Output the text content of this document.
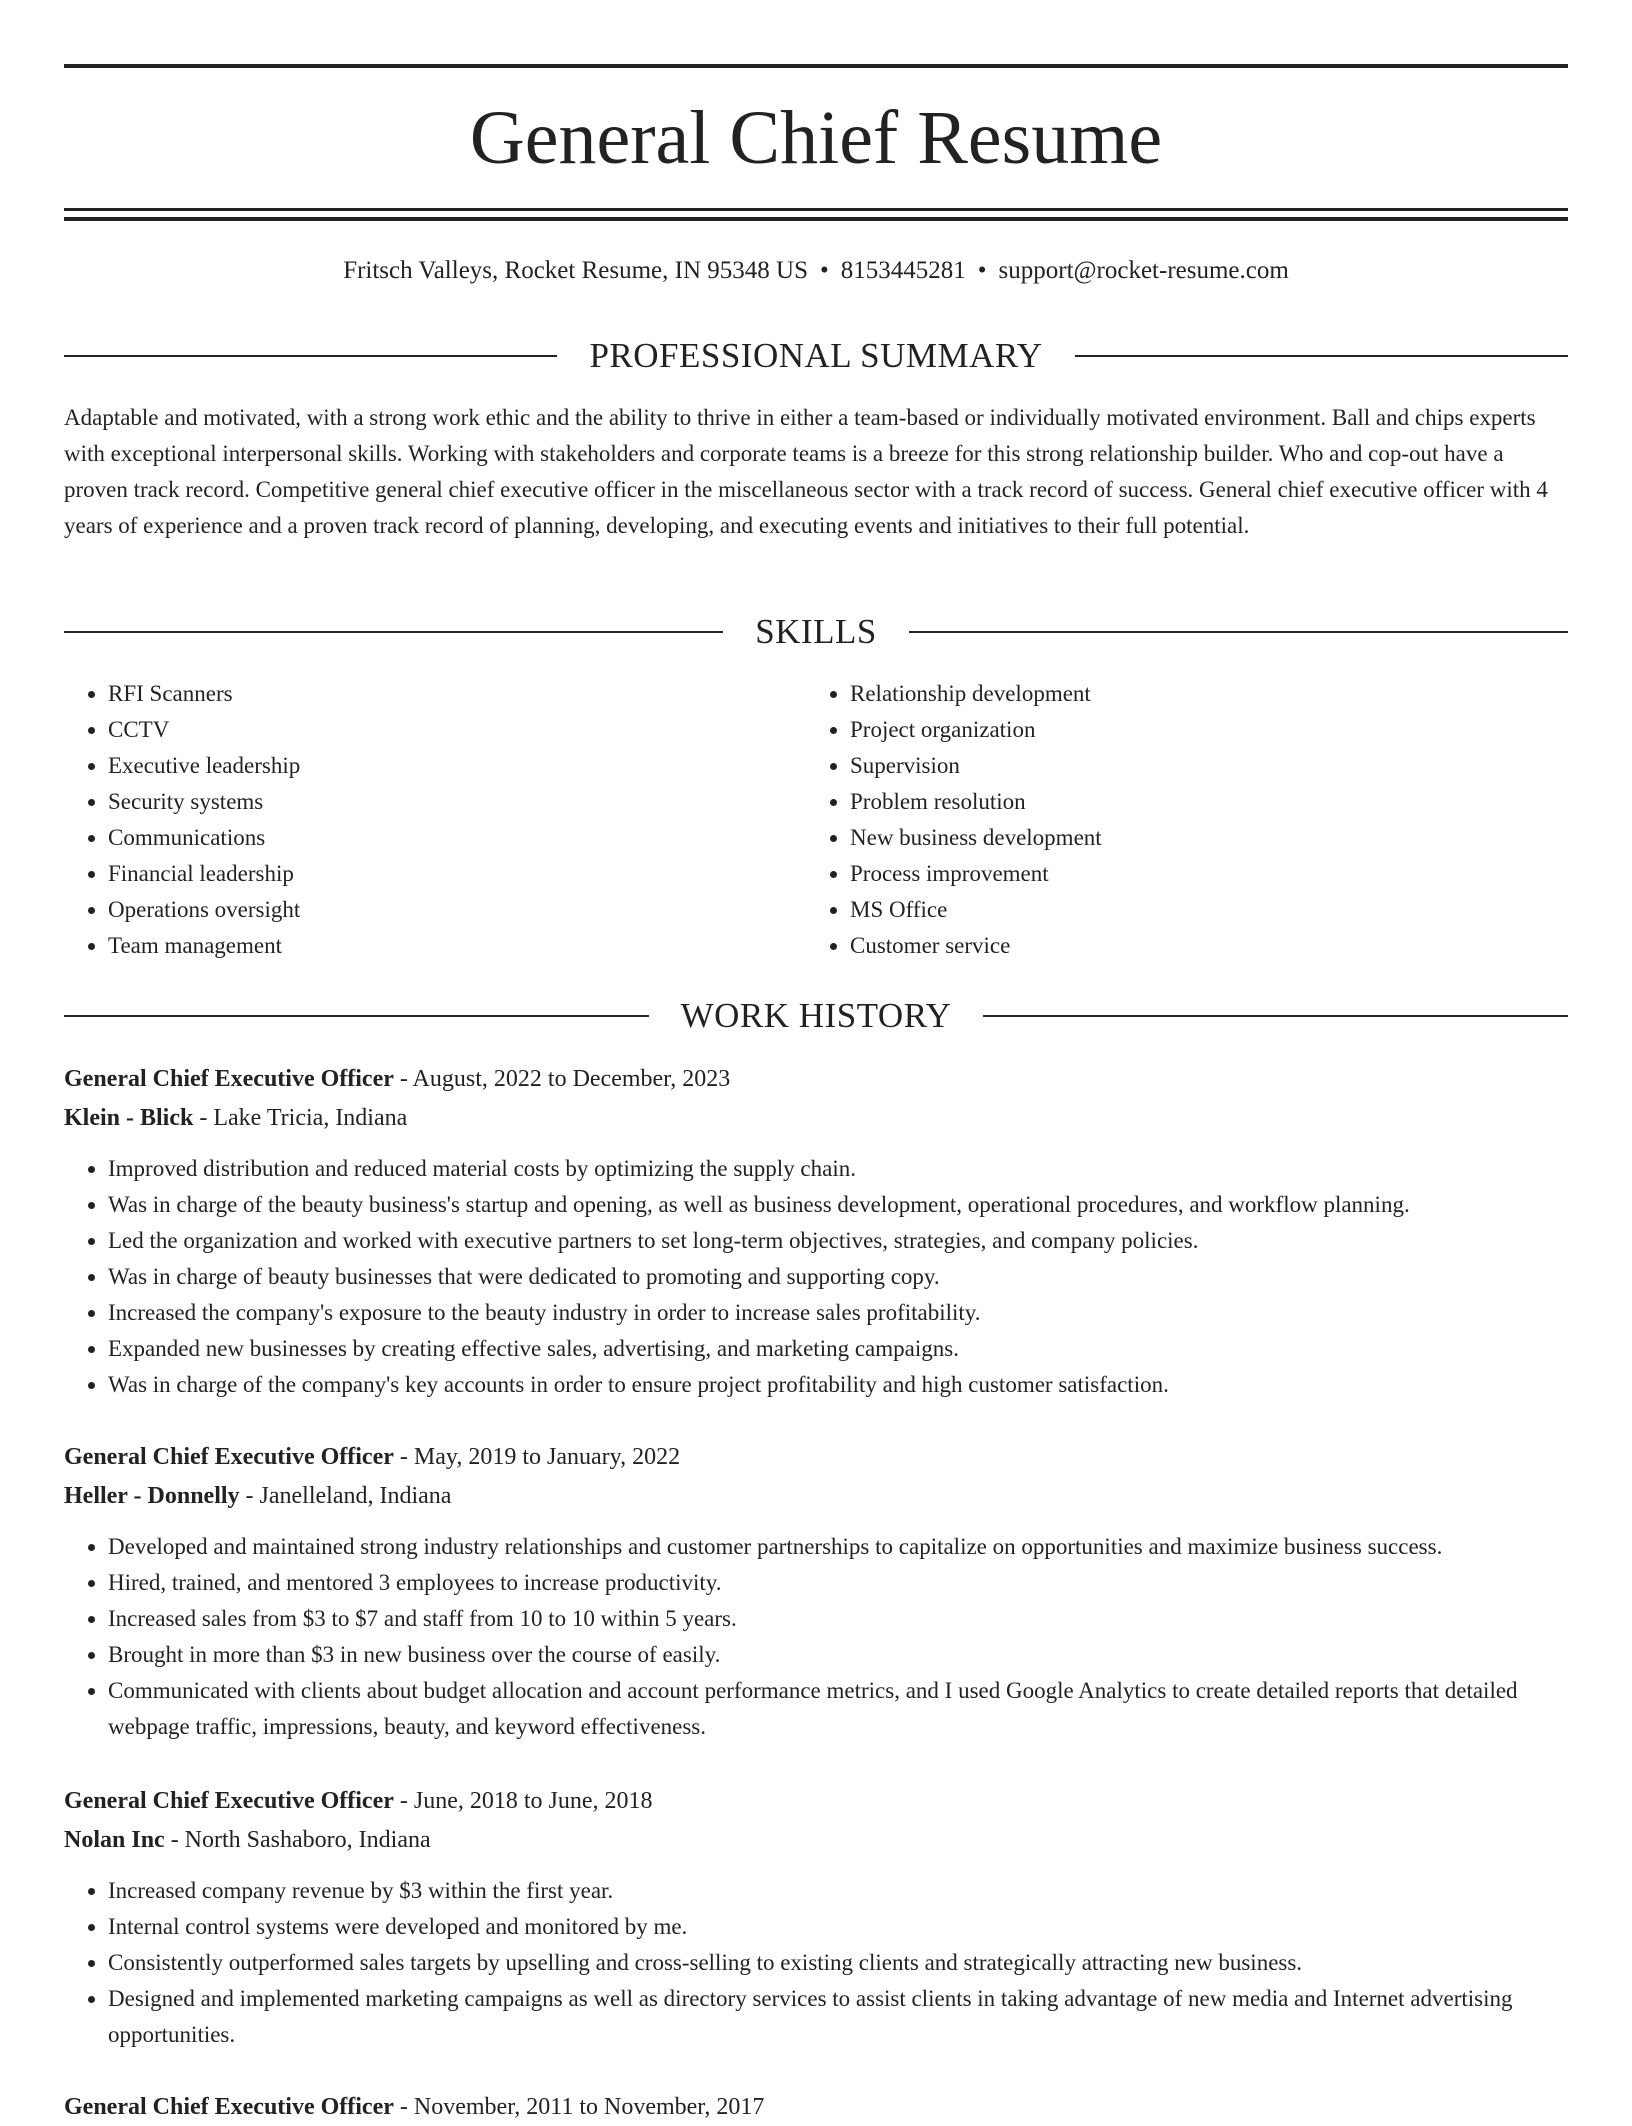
General Chief Resume
Fritsch Valleys, Rocket Resume, IN 95348 US • 8153445281 • support@rocket-resume.com
PROFESSIONAL SUMMARY

Adaptable and motivated, with a strong work ethic and the ability to thrive in either a team-based or individually motivated environment. Ball and chips experts with exceptional interpersonal skills. Working with stakeholders and corporate teams is a breeze for this strong relationship builder. Who and cop-out have a proven track record. Competitive general chief executive officer in the miscellaneous sector with a track record of success. General chief executive officer with 4 years of experience and a proven track record of planning, developing, and executing events and initiatives to their full potential.

SKILLS
• RFI Scanners
• CCTV
• Executive leadership
• Security systems
• Communications
• Financial leadership
• Operations oversight
• Team management
• Relationship development
• Project organization
• Supervision
• Problem resolution
• New business development
• Process improvement
• MS Office
• Customer service
WORK HISTORY

General Chief Executive Officer - August, 2022 to December, 2023

Klein - Blick - Lake Tricia, Indiana

• Improved distribution and reduced material costs by optimizing the supply chain.
• Was in charge of the beauty business's startup and opening, as well as business development, operational procedures, and workflow planning.
• Led the organization and worked with executive partners to set long-term objectives, strategies, and company policies.
• Was in charge of beauty businesses that were dedicated to promoting and supporting copy.
• Increased the company's exposure to the beauty industry in order to increase sales profitability.
• Expanded new businesses by creating effective sales, advertising, and marketing campaigns.
• Was in charge of the company's key accounts in order to ensure project profitability and high customer satisfaction.

General Chief Executive Officer - May, 2019 to January, 2022

Heller - Donnelly - Janelleland, Indiana

• Developed and maintained strong industry relationships and customer partnerships to capitalize on opportunities and maximize business success.
• Hired, trained, and mentored 3 employees to increase productivity.
• Increased sales from $3 to $7 and staff from 10 to 10 within 5 years.
• Brought in more than $3 in new business over the course of easily.
• Communicated with clients about budget allocation and account performance metrics, and I used Google Analytics to create detailed reports that detailed webpage traffic, impressions, beauty, and keyword effectiveness.

General Chief Executive Officer - June, 2018 to June, 2018

Nolan Inc - North Sashaboro, Indiana

• Increased company revenue by $3 within the first year.
• Internal control systems were developed and monitored by me.
• Consistently outperformed sales targets by upselling and cross-selling to existing clients and strategically attracting new business.
• Designed and implemented marketing campaigns as well as directory services to assist clients in taking advantage of new media and Internet advertising opportunities.

General Chief Executive Officer - November, 2011 to November, 2017
